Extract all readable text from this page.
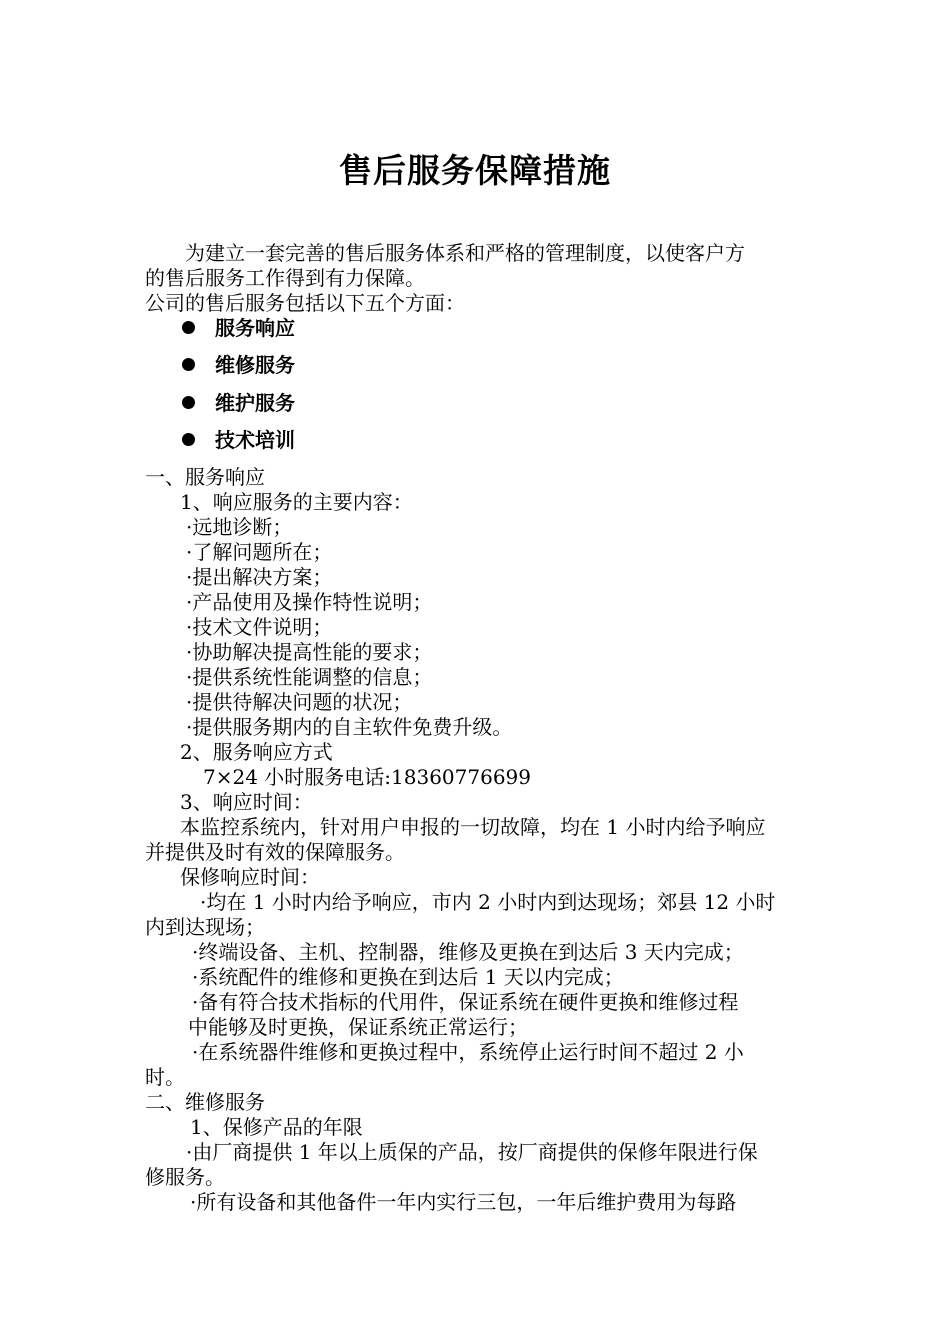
售后服务保障措施
为建立一套完善的售后服务体系和严格的管理制度，以使客户方
的售后服务工作得到有力保障。
公司的售后服务包括以下五个方面：
服务响应
维修服务
维护服务
技术培训
一、服务响应
1、响应服务的主要内容：
·远地诊断；
·了解问题所在；
·提出解决方案；
·产品使用及操作特性说明；
·技术文件说明；
·协助解决提高性能的要求；
·提供系统性能调整的信息；
·提供待解决问题的状况；
·提供服务期内的自主软件免费升级。
2、服务响应方式
7×24 小时服务电话:18360776699
3、响应时间：
本监控系统内，针对用户申报的一切故障，均在 1 小时内给予响应
并提供及时有效的保障服务。
保修响应时间：
·均在 1 小时内给予响应，市内 2 小时内到达现场；郊县 12 小时
内到达现场；
·终端设备、主机、控制器，维修及更换在到达后 3 天内完成；
·系统配件的维修和更换在到达后 1 天以内完成；
·备有符合技术指标的代用件，保证系统在硬件更换和维修过程
中能够及时更换，保证系统正常运行；
·在系统器件维修和更换过程中，系统停止运行时间不超过 2 小
时。
二、维修服务
1、保修产品的年限
·由厂商提供 1 年以上质保的产品，按厂商提供的保修年限进行保
修服务。
·所有设备和其他备件一年内实行三包，一年后维护费用为每路
